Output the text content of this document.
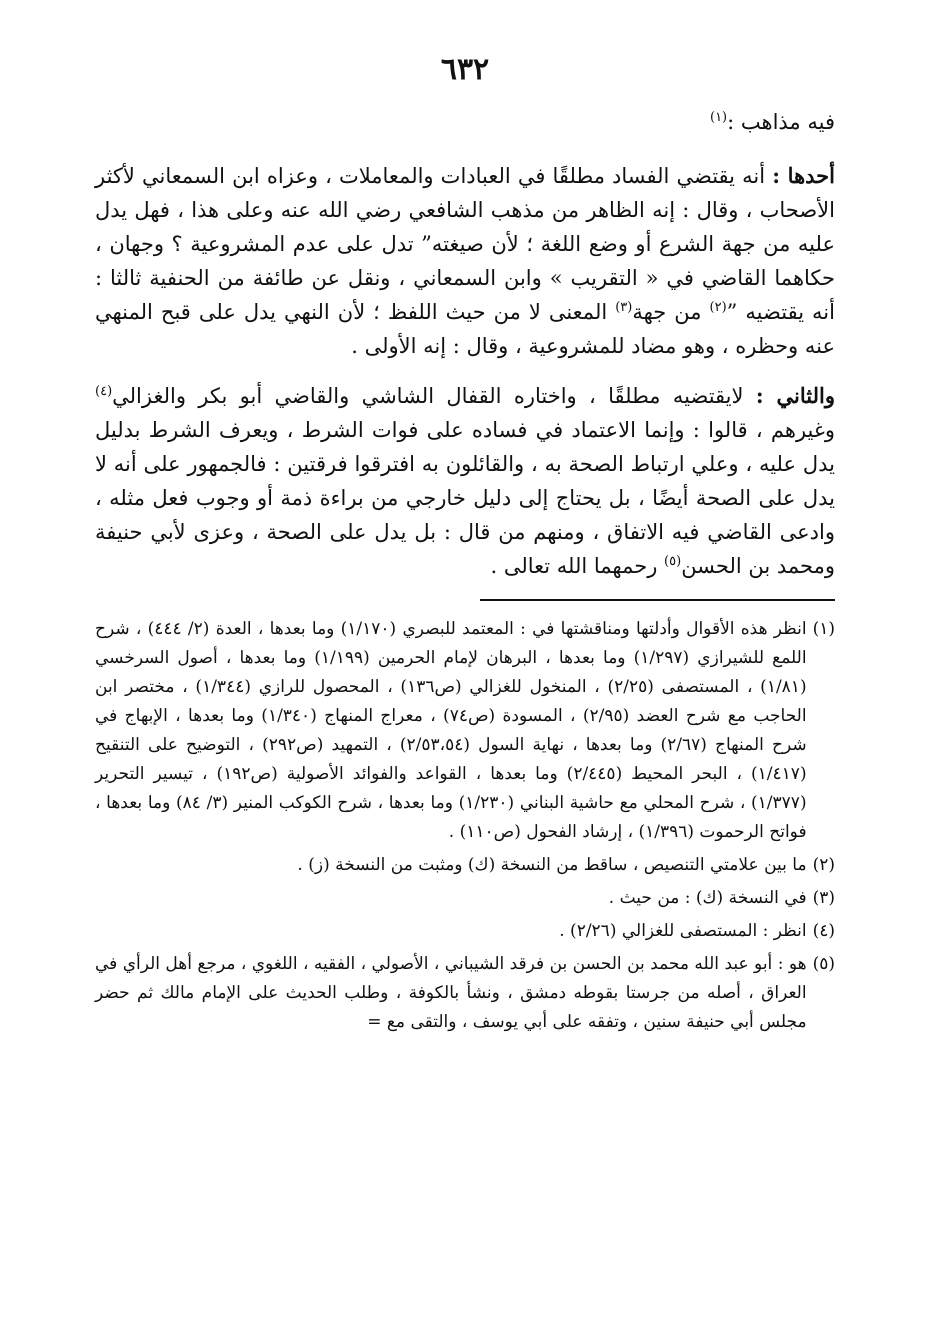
٦٣٢

فيه مذاهب :$^{(١)}$

أحدها : أنه يقتضي الفساد مطلقًا في العبادات والمعاملات ، وعزاه ابن السمعاني لأكثر الأصحاب ، وقال : إنه الظاهر من مذهب الشافعي رضي الله عنه وعلى هذا ، فهل يدل عليه من جهة الشرع أو وضع اللغة ؛ لأن صيغته” تدل على عدم المشروعية ؟ وجهان ، حكاهما القاضي في « التقريب » وابن السمعاني ، ونقل عن طائفة من الحنفية ثالثا : أنه يقتضيه ”$^{(٢)}$ من جهة$^{(٣)}$ المعنى لا من حيث اللفظ ؛ لأن النهي يدل على قبح المنهي عنه وحظره ، وهو مضاد للمشروعية ، وقال : إنه الأولى .

والثاني : لايقتضيه مطلقًا ، واختاره القفال الشاشي والقاضي أبو بكر والغزالي$^{(٤)}$ وغيرهم ، قالوا : وإنما الاعتماد في فساده على فوات الشرط ، ويعرف الشرط بدليل يدل عليه ، وعلي ارتباط الصحة به ، والقائلون به افترقوا فرقتين : فالجمهور على أنه لا يدل على الصحة أيضًا ، بل يحتاج إلى دليل خارجي من براءة ذمة أو وجوب فعل مثله ، وادعى القاضي فيه الاتفاق ، ومنهم من قال : بل يدل على الصحة ، وعزى لأبي حنيفة ومحمد بن الحسن$^{(٥)}$ رحمهما الله تعالى .

(١)
انظر هذه الأقوال وأدلتها ومناقشتها في : المعتمد للبصري (١/١٧٠) وما بعدها ، العدة (٢/ ٤٤٤) ، شرح اللمع للشيرازي (١/٢٩٧) وما بعدها ، البرهان لإمام الحرمين (١/١٩٩) وما بعدها ، أصول السرخسي (١/٨١) ، المستصفى (٢/٢٥) ، المنخول للغزالي (ص١٣٦) ، المحصول للرازي (١/٣٤٤) ، مختصر ابن الحاجب مع شرح العضد (٢/٩٥) ، المسودة (ص٧٤) ، معراج المنهاج (١/٣٤٠) وما بعدها ، الإبهاج في شرح المنهاج (٢/٦٧) وما بعدها ، نهاية السول (٢/٥٣،٥٤) ، التمهيد (ص٢٩٢) ، التوضيح على التنقيح (١/٤١٧) ، البحر المحيط (٢/٤٤٥) وما بعدها ، القواعد والفوائد الأصولية (ص١٩٢) ، تيسير التحرير (١/٣٧٧) ، شرح المحلي مع حاشية البناني (١/٢٣٠) وما بعدها ، شرح الكوكب المنير (٣/ ٨٤) وما بعدها ، فواتح الرحموت (١/٣٩٦) ، إرشاد الفحول (ص١١٠) .
(٢)
ما بين علامتي التنصيص ، ساقط من النسخة (ك) ومثبت من النسخة (ز) .
(٣)
في النسخة (ك) : من حيث .
(٤)
انظر : المستصفى للغزالي (٢/٢٦) .
(٥)
هو : أبو عبد الله محمد بن الحسن بن فرقد الشيباني ، الأصولي ، الفقيه ، اللغوي ، مرجع أهل الرأي في العراق ، أصله من جرستا بقوطه دمشق ، ونشأ بالكوفة ، وطلب الحديث على الإمام مالك ثم حضر مجلس أبي حنيفة سنين ، وتفقه على أبي يوسف ، والتقى مع =
